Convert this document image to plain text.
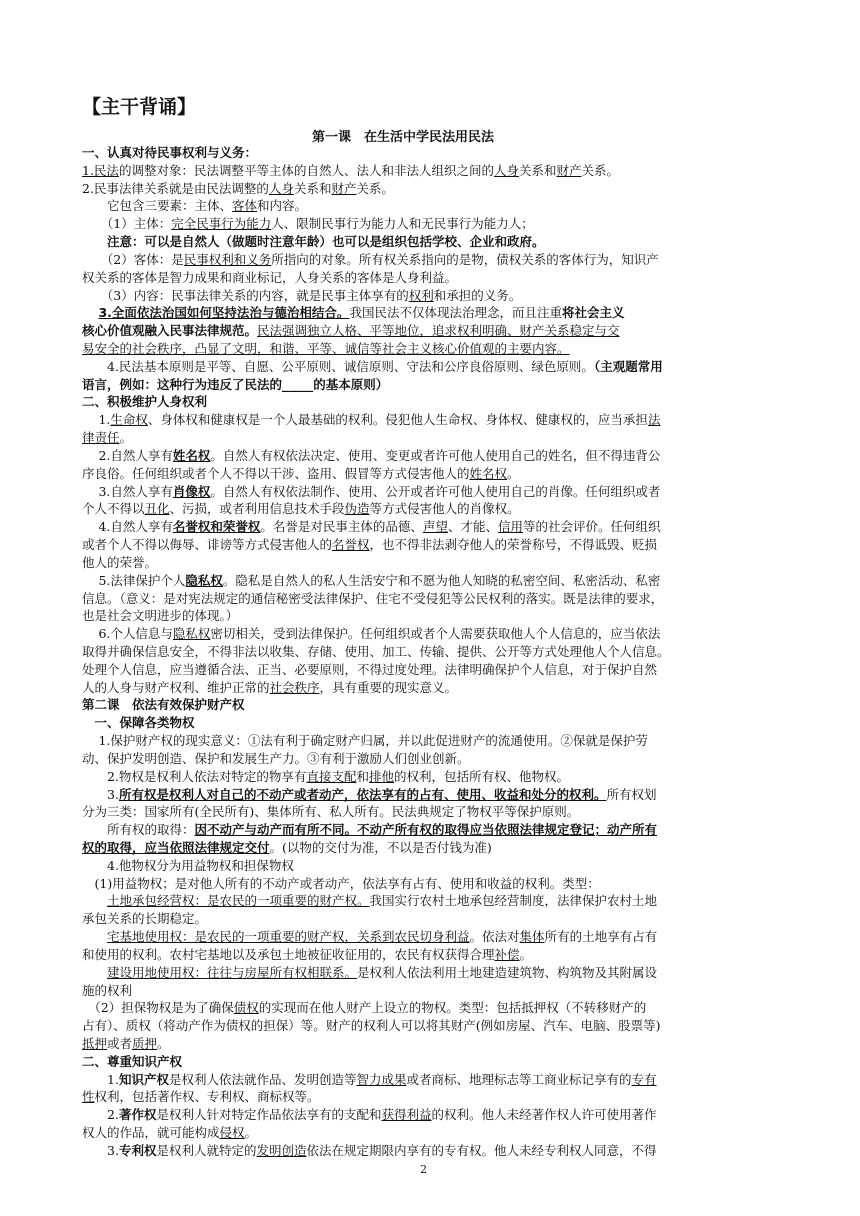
【主干背诵】
第一课　在生活中学民法用民法
一、认真对待民事权利与义务：
1.民法的调整对象：民法调整平等主体的自然人、法人和非法人组织之间的人身关系和财产关系。
2.民事法律关系就是由民法调整的人身关系和财产关系。
　　它包含三要素：主体、客体和内容。
　　（1）主体：完全民事行为能力人、限制民事行为能力人和无民事行为能力人；
　　注意：可以是自然人（做题时注意年龄）也可以是组织包括学校、企业和政府。
　　（2）客体：是民事权利和义务所指向的对象。所有权关系指向的是物，债权关系的客体行为，知识产
权关系的客体是智力成果和商业标记，人身关系的客体是人身利益。
　　（3）内容：民事法律关系的内容，就是民事主体享有的权利和承担的义务。
　 3.全面依法治国如何坚持法治与德治相结合。我国民法不仅体现法治理念，而且注重将社会主义
核心价值观融入民事法律规范。民法强调独立人格、平等地位，追求权利明确、财产关系稳定与交
易安全的社会秩序，凸显了文明，和谐、平等、诚信等社会主义核心价值观的主要内容。
　　4.民法基本原则是平等、自愿、公平原则、诚信原则、守法和公序良俗原则、绿色原则。（主观题常用
语言，例如：这种行为违反了民法的_____的基本原则）
二、积极维护人身权利
　 1.生命权、身体权和健康权是一个人最基础的权利。侵犯他人生命权、身体权、健康权的，应当承担法
律责任。
　 2.自然人享有姓名权。自然人有权依法决定、使用、变更或者许可他人使用自己的姓名，但不得违背公
序良俗。任何组织或者个人不得以干涉、盗用、假冒等方式侵害他人的姓名权。
　 3.自然人享有肖像权。自然人有权依法制作、使用、公开或者许可他人使用自己的肖像。任何组织或者
个人不得以丑化、污损，或者利用信息技术手段伪造等方式侵害他人的肖像权。
　 4.自然人享有名誉权和荣誉权。名誉是对民事主体的品德、声望、才能、信用等的社会评价。任何组织
或者个人不得以侮辱、诽谤等方式侵害他人的名誉权，也不得非法剥夺他人的荣誉称号，不得诋毁、贬损
他人的荣誉。
　 5.法律保护个人隐私权。隐私是自然人的私人生活安宁和不愿为他人知晓的私密空间、私密活动、私密
信息。（意义：是对宪法规定的通信秘密受法律保护、住宅不受侵犯等公民权利的落实。既是法律的要求，
也是社会文明进步的体现。）
　 6.个人信息与隐私权密切相关，受到法律保护。任何组织或者个人需要获取他人个人信息的，应当依法
取得并确保信息安全，不得非法以收集、存储、使用、加工、传输、提供、公开等方式处理他人个人信息。
处理个人信息，应当遵循合法、正当、必要原则，不得过度处理。法律明确保护个人信息，对于保护自然
人的人身与财产权利、维护正常的社会秩序，具有重要的现实意义。
第二课　依法有效保护财产权
　一、保障各类物权
　 1.保护财产权的现实意义：①法有利于确定财产归属，并以此促进财产的流通使用。②保就是保护劳
动、保护发明创造、保护和发展生产力。③有利于激励人们创业创新。
　　2.物权是权利人依法对特定的物享有直接支配和排他的权利，包括所有权、他物权。
　　3.所有权是权利人对自己的不动产或者动产，依法享有的占有、使用、收益和处分的权利。所有权划
分为三类：国家所有(全民所有)、集体所有、私人所有。民法典规定了物权平等保护原则。
　　所有权的取得：因不动产与动产而有所不同。不动产所有权的取得应当依照法律规定登记；动产所有
权的取得，应当依照法律规定交付。(以物的交付为准，不以是否付钱为准)
　　4.他物权分为用益物权和担保物权
　(1)用益物权；是对他人所有的不动产或者动产，依法享有占有、使用和收益的权利。类型：
　　土地承包经营权：是农民的一项重要的财产权。我国实行农村土地承包经营制度，法律保护农村土地
承包关系的长期稳定。
　　宅基地使用权：是农民的一项重要的财产权，关系到农民切身利益。依法对集体所有的土地享有占有
和使用的权利。农村宅基地以及承包土地被征收征用的，农民有权获得合理补偿。
　　建设用地使用权：往往与房屋所有权相联系。是权利人依法利用土地建造建筑物、构筑物及其附属设
施的权利
　（2）担保物权是为了确保债权的实现而在他人财产上设立的物权。类型：包括抵押权（不转移财产的
占有）、质权（将动产作为债权的担保）等。财产的权利人可以将其财产(例如房屋、汽车、电脑、股票等)
抵押或者质押。
二、尊重知识产权
　　1.知识产权是权利人依法就作品、发明创造等智力成果或者商标、地理标志等工商业标记享有的专有
性权利，包括著作权、专利权、商标权等。
　　2.著作权是权利人针对特定作品依法享有的支配和获得利益的权利。他人未经著作权人许可使用著作
权人的作品，就可能构成侵权。
　　3.专利权是权利人就特定的发明创造依法在规定期限内享有的专有权。他人未经专利权人同意，不得
2
